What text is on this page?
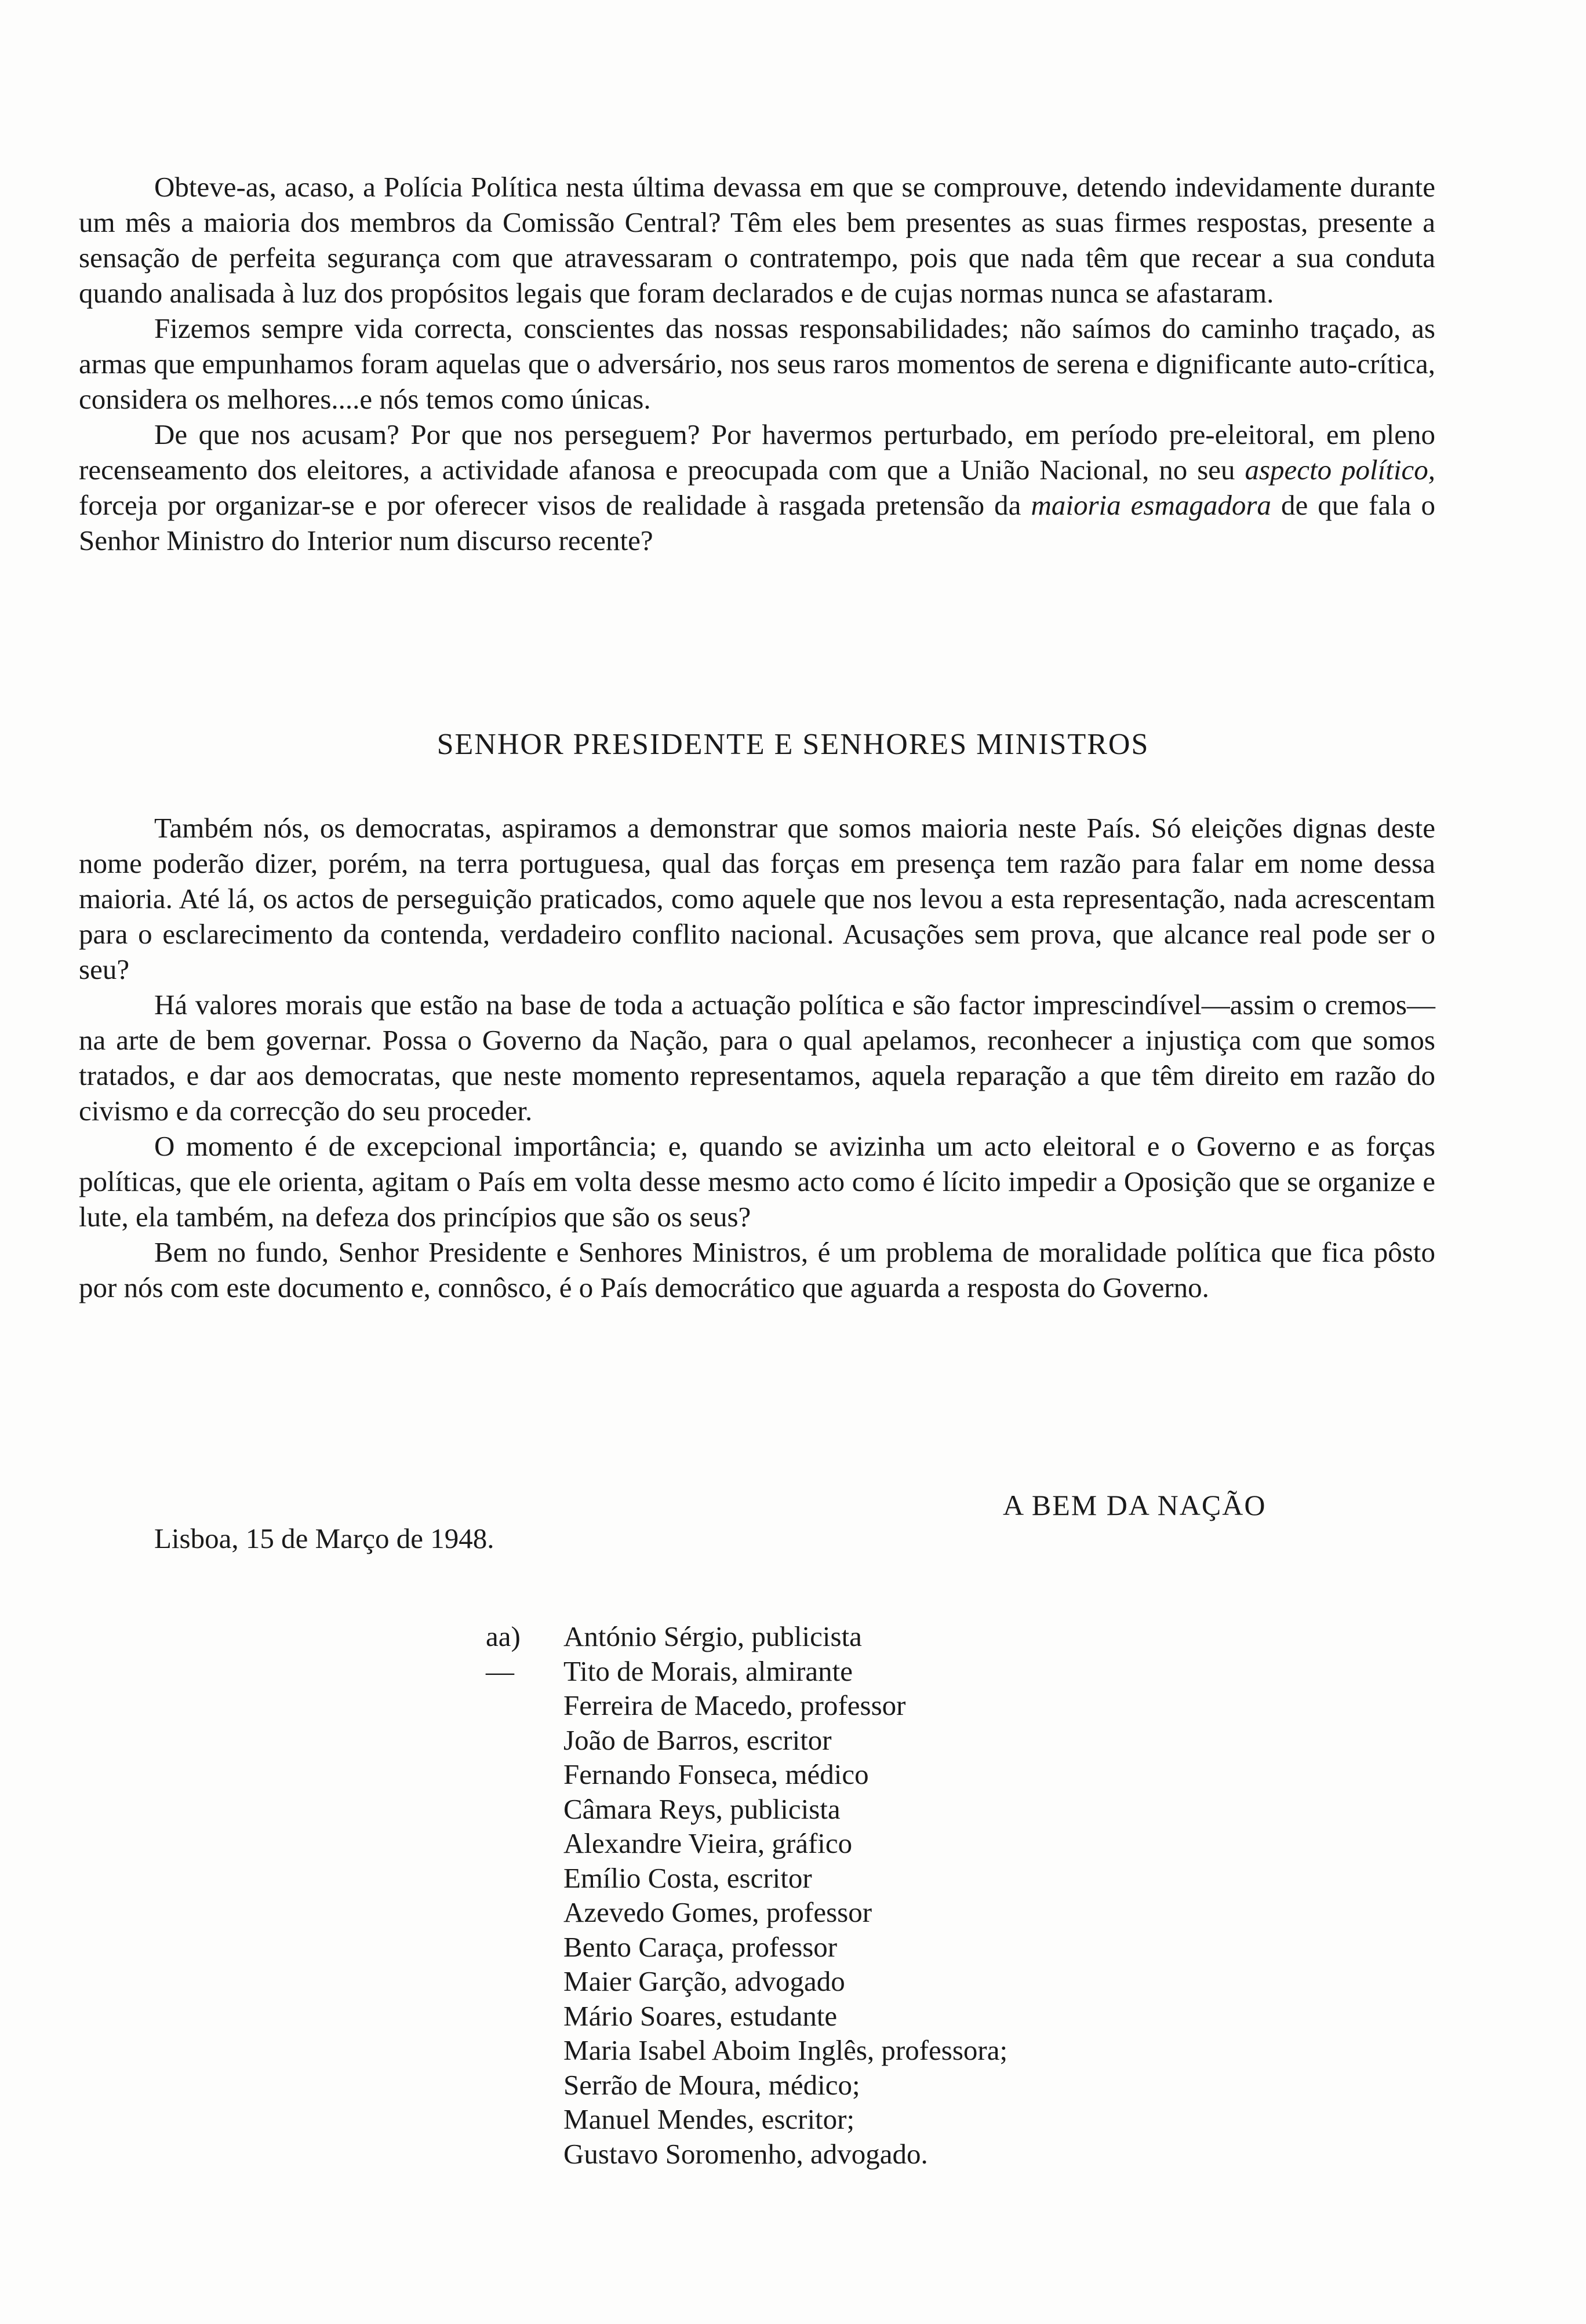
Obteve-as, acaso, a Polícia Política nesta última devassa em que se comprouve, detendo indevidamente durante um mês a maioria dos membros da Comissão Central? Têm eles bem presentes as suas firmes respostas, presente a sensação de perfeita segurança com que atravessaram o contratempo, pois que nada têm que recear a sua conduta quando analisada à luz dos propósitos legais que foram declarados e de cujas normas nunca se afastaram.

Fizemos sempre vida correcta, conscientes das nossas responsabilidades; não saímos do caminho traçado, as armas que empunhamos foram aquelas que o adversário, nos seus raros momentos de serena e dignificante auto-crítica, considera os melhores....e nós temos como únicas.

De que nos acusam? Por que nos perseguem? Por havermos perturbado, em período pre-eleitoral, em pleno recenseamento dos eleitores, a actividade afanosa e preocupada com que a União Nacional, no seu aspecto político, forceja por organizar-se e por oferecer visos de realidade à rasgada pretensão da maioria esmagadora de que fala o Senhor Ministro do Interior num discurso recente?

SENHOR PRESIDENTE E SENHORES MINISTROS

Também nós, os democratas, aspiramos a demonstrar que somos maioria neste País. Só eleições dignas deste nome poderão dizer, porém, na terra portuguesa, qual das forças em presença tem razão para falar em nome dessa maioria. Até lá, os actos de perseguição praticados, como aquele que nos levou a esta representação, nada acrescentam para o esclarecimento da contenda, verdadeiro conflito nacional. Acusações sem prova, que alcance real pode ser o seu?

Há valores morais que estão na base de toda a actuação política e são factor imprescindível—assim o cremos—na arte de bem governar. Possa o Governo da Nação, para o qual apelamos, reconhecer a injustiça com que somos tratados, e dar aos democratas, que neste momento representamos, aquela reparação a que têm direito em razão do civismo e da correcção do seu proceder.

O momento é de excepcional importância; e, quando se avizinha um acto eleitoral e o Governo e as forças políticas, que ele orienta, agitam o País em volta desse mesmo acto como é lícito impedir a Oposição que se organize e lute, ela também, na defeza dos princípios que são os seus?

Bem no fundo, Senhor Presidente e Senhores Ministros, é um problema de moralidade política que fica pôsto por nós com este documento e, connôsco, é o País democrático que aguarda a resposta do Governo.

A BEM DA NAÇÃO
Lisboa, 15 de Março de 1948.
aa)—
António Sérgio, publicista
Tito de Morais, almirante
Ferreira de Macedo, professor
João de Barros, escritor
Fernando Fonseca, médico
Câmara Reys, publicista
Alexandre Vieira, gráfico
Emílio Costa, escritor
Azevedo Gomes, professor
Bento Caraça, professor
Maier Garção, advogado
Mário Soares, estudante
Maria Isabel Aboim Inglês, professora;
Serrão de Moura, médico;
Manuel Mendes, escritor;
Gustavo Soromenho, advogado.
